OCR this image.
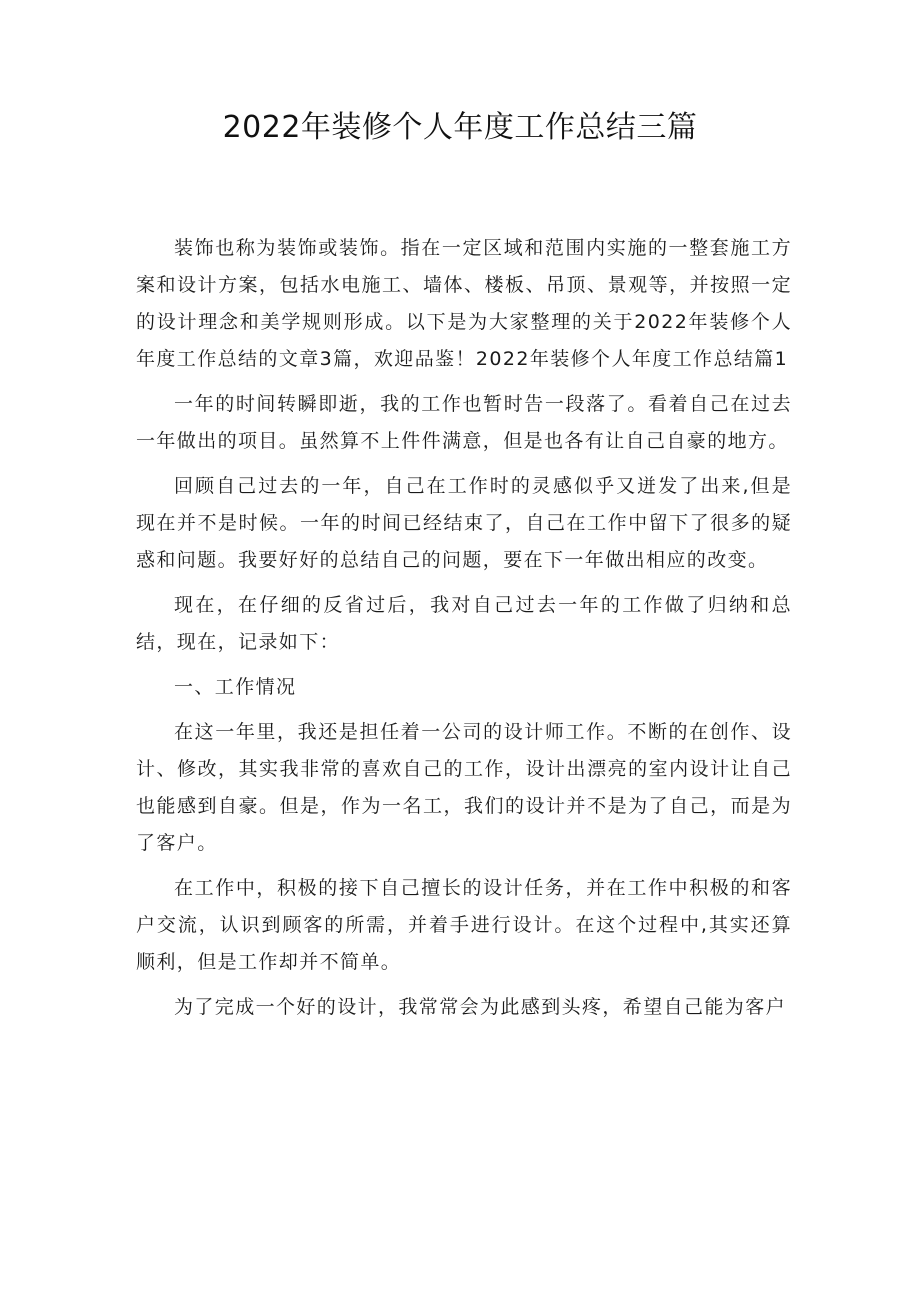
2022年装修个人年度工作总结三篇

装饰也称为装饰或装饰。指在一定区域和范围内实施的一整套施工方案和设计方案，包括水电施工、墙体、楼板、吊顶、景观等，并按照一定的设计理念和美学规则形成。以下是为大家整理的关于2022年装修个人年度工作总结的文章3篇，欢迎品鉴！2022年装修个人年度工作总结篇1

一年的时间转瞬即逝，我的工作也暂时告一段落了。看着自己在过去一年做出的项目。虽然算不上件件满意，但是也各有让自己自豪的地方。

回顾自己过去的一年，自己在工作时的灵感似乎又迸发了出来,但是现在并不是时候。一年的时间已经结束了，自己在工作中留下了很多的疑惑和问题。我要好好的总结自己的问题，要在下一年做出相应的改变。

现在，在仔细的反省过后，我对自己过去一年的工作做了归纳和总结，现在，记录如下：

一、工作情况

在这一年里，我还是担任着一公司的设计师工作。不断的在创作、设计、修改，其实我非常的喜欢自己的工作，设计出漂亮的室内设计让自己也能感到自豪。但是，作为一名工，我们的设计并不是为了自己，而是为了客户。

在工作中，积极的接下自己擅长的设计任务，并在工作中积极的和客户交流，认识到顾客的所需，并着手进行设计。在这个过程中,其实还算顺利，但是工作却并不简单。

为了完成一个好的设计，我常常会为此感到头疼，希望自己能为客户
